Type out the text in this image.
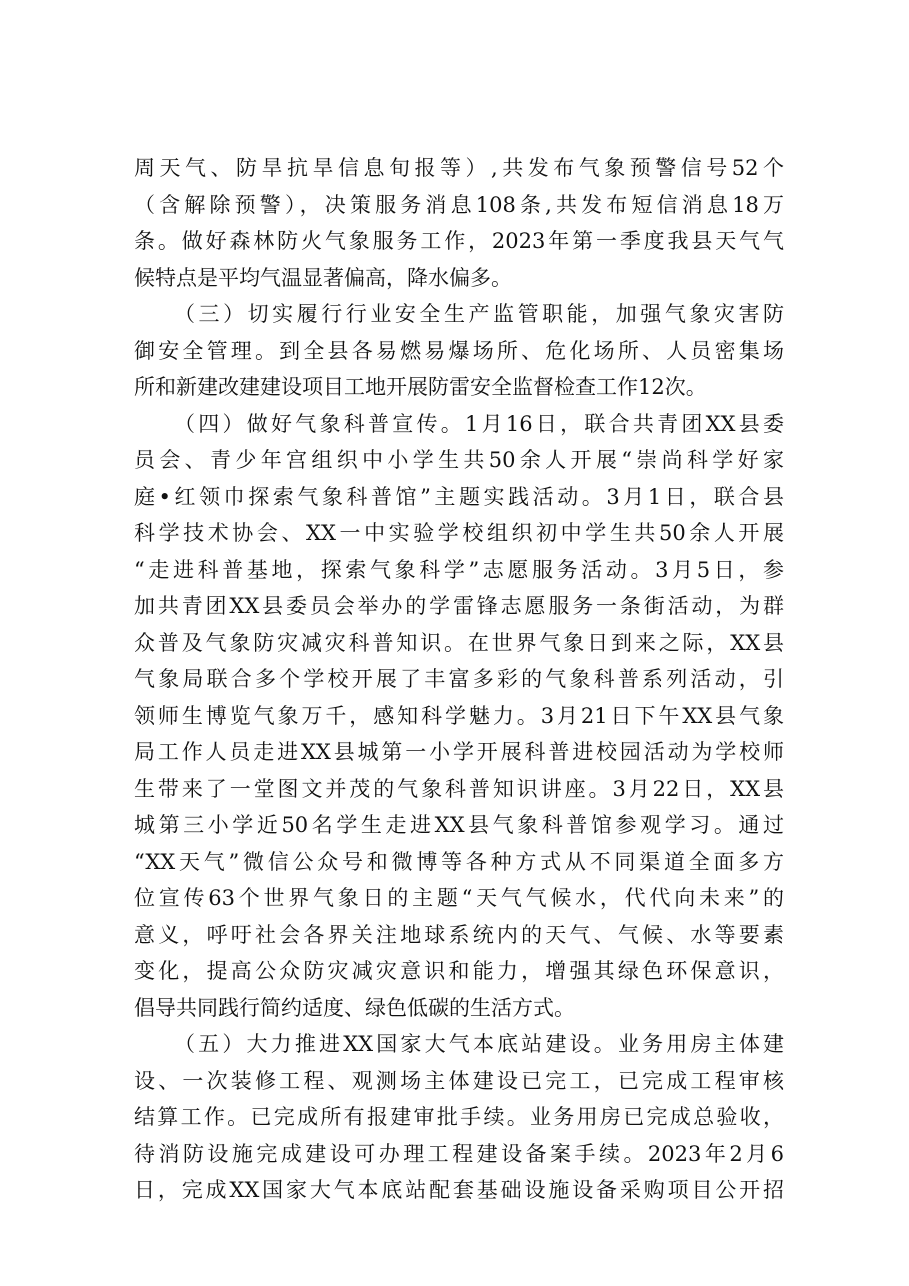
周天气、防旱抗旱信息旬报等）,共发布气象预警信号52个
（含解除预警），决策服务消息108条,共发布短信消息18万
条。做好森林防火气象服务工作，2023年第一季度我县天气气
候特点是平均气温显著偏高，降水偏多。
（三）切实履行行业安全生产监管职能，加强气象灾害防
御安全管理。到全县各易燃易爆场所、危化场所、人员密集场
所和新建改建建设项目工地开展防雷安全监督检查工作12次。
（四）做好气象科普宣传。1月16日，联合共青团XX县委
员会、青少年宫组织中小学生共50余人开展“崇尚科学好家
庭•红领巾探索气象科普馆”主题实践活动。3月1日，联合县
科学技术协会、XX一中实验学校组织初中学生共50余人开展
“走进科普基地，探索气象科学”志愿服务活动。3月5日，参
加共青团XX县委员会举办的学雷锋志愿服务一条街活动，为群
众普及气象防灾减灾科普知识。在世界气象日到来之际，XX县
气象局联合多个学校开展了丰富多彩的气象科普系列活动，引
领师生博览气象万千，感知科学魅力。3月21日下午XX县气象
局工作人员走进XX县城第一小学开展科普进校园活动为学校师
生带来了一堂图文并茂的气象科普知识讲座。3月22日，XX县
城第三小学近50名学生走进XX县气象科普馆参观学习。通过
“XX天气”微信公众号和微博等各种方式从不同渠道全面多方
位宣传63个世界气象日的主题“天气气候水，代代向未来”的
意义，呼吁社会各界关注地球系统内的天气、气候、水等要素
变化，提高公众防灾减灾意识和能力，增强其绿色环保意识，
倡导共同践行简约适度、绿色低碳的生活方式。
（五）大力推进XX国家大气本底站建设。业务用房主体建
设、一次装修工程、观测场主体建设已完工，已完成工程审核
结算工作。已完成所有报建审批手续。业务用房已完成总验收，
待消防设施完成建设可办理工程建设备案手续。2023年2月6
日，完成XX国家大气本底站配套基础设施设备采购项目公开招
